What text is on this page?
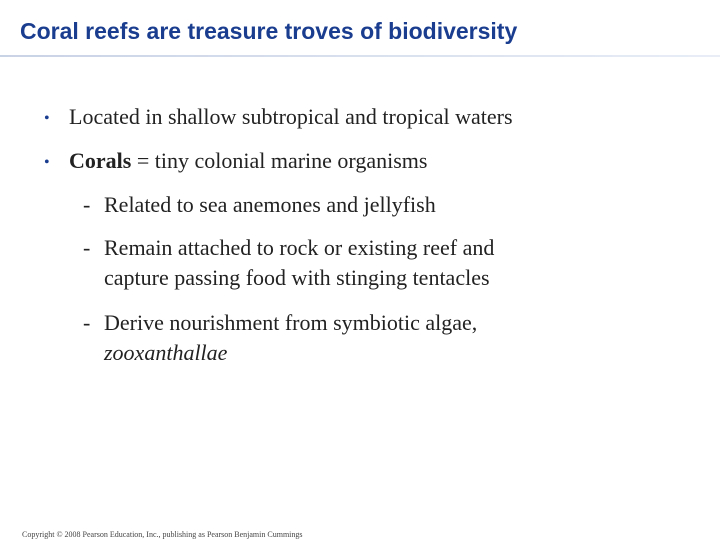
Coral reefs are treasure troves of biodiversity
• Located in shallow subtropical and tropical waters
• Corals = tiny colonial marine organisms
- Related to sea anemones and jellyfish
- Remain attached to rock or existing reef and
capture passing food with stinging tentacles
- Derive nourishment from symbiotic algae,
zooxanthallae
Copyright © 2008 Pearson Education, Inc., publishing as Pearson Benjamin Cummings
